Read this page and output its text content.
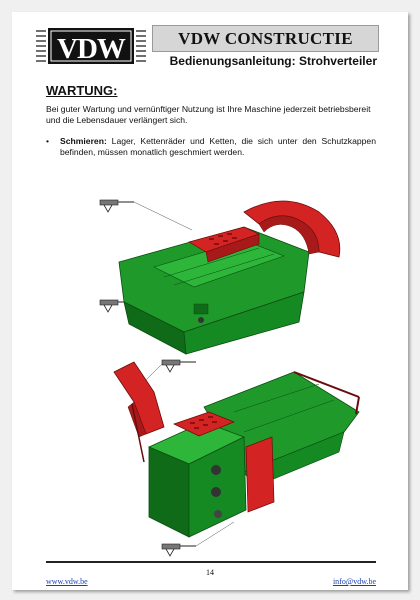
VDW	VDW CONSTRUCTIE
Bedienungsanleitung: Strohverteiler
WARTUNG:
Bei guter Wartung und vernünftiger Nutzung ist Ihre Maschine jederzeit betriebsbereit und die Lebensdauer verlängert sich.
•	Schmieren: Lager, Kettenräder und Ketten, die sich unter den Schutzkappen befinden, müssen monatlich geschmiert werden.
14
www.vdw.be	info@vdw.be
